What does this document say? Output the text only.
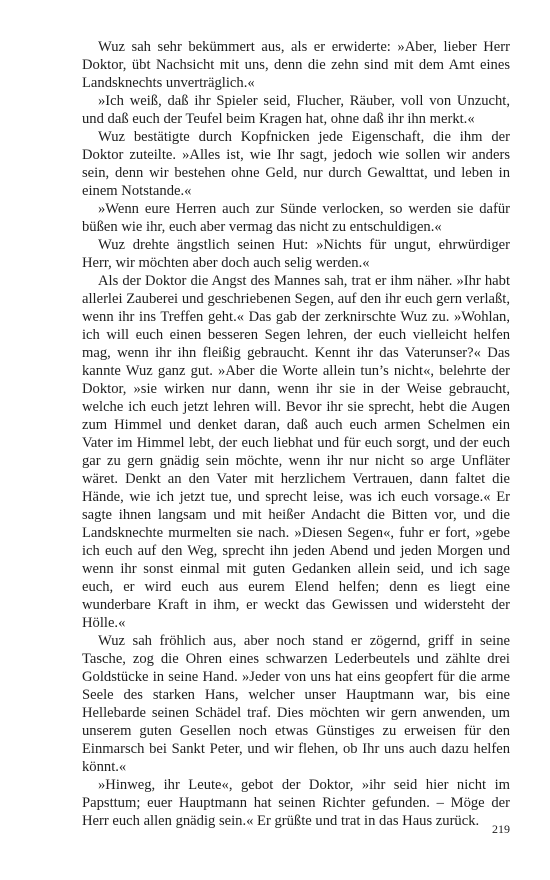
Wuz sah sehr bekümmert aus, als er erwiderte: »Aber, lieber Herr Doktor, übt Nachsicht mit uns, denn die zehn sind mit dem Amt eines Landsknechts unverträglich.«

»Ich weiß, daß ihr Spieler seid, Flucher, Räuber, voll von Unzucht, und daß euch der Teufel beim Kragen hat, ohne daß ihr ihn merkt.«

Wuz bestätigte durch Kopfnicken jede Eigenschaft, die ihm der Doktor zuteilte. »Alles ist, wie Ihr sagt, jedoch wie sollen wir anders sein, denn wir bestehen ohne Geld, nur durch Gewalttat, und leben in einem Notstande.«

»Wenn eure Herren auch zur Sünde verlocken, so werden sie dafür büßen wie ihr, euch aber vermag das nicht zu entschuldigen.«

Wuz drehte ängstlich seinen Hut: »Nichts für ungut, ehrwürdiger Herr, wir möchten aber doch auch selig werden.«

Als der Doktor die Angst des Mannes sah, trat er ihm näher. »Ihr habt allerlei Zauberei und geschriebenen Segen, auf den ihr euch gern verlaßt, wenn ihr ins Treffen geht.« Das gab der zerknirschte Wuz zu. »Wohlan, ich will euch einen besseren Segen lehren, der euch vielleicht helfen mag, wenn ihr ihn fleißig gebraucht. Kennt ihr das Vaterunser?« Das kannte Wuz ganz gut. »Aber die Worte allein tun’s nicht«, belehrte der Doktor, »sie wirken nur dann, wenn ihr sie in der Weise gebraucht, welche ich euch jetzt lehren will. Bevor ihr sie sprecht, hebt die Augen zum Himmel und denket daran, daß auch euch armen Schelmen ein Vater im Himmel lebt, der euch liebhat und für euch sorgt, und der euch gar zu gern gnädig sein möchte, wenn ihr nur nicht so arge Unfläter wäret. Denkt an den Vater mit herzlichem Vertrauen, dann faltet die Hände, wie ich jetzt tue, und sprecht leise, was ich euch vorsage.« Er sagte ihnen langsam und mit heißer Andacht die Bitten vor, und die Landsknechte murmelten sie nach. »Diesen Segen«, fuhr er fort, »gebe ich euch auf den Weg, sprecht ihn jeden Abend und jeden Morgen und wenn ihr sonst einmal mit guten Gedanken allein seid, und ich sage euch, er wird euch aus eurem Elend helfen; denn es liegt eine wunderbare Kraft in ihm, er weckt das Gewissen und widersteht der Hölle.«

Wuz sah fröhlich aus, aber noch stand er zögernd, griff in seine Tasche, zog die Ohren eines schwarzen Lederbeutels und zählte drei Goldstücke in seine Hand. »Jeder von uns hat eins geopfert für die arme Seele des starken Hans, welcher unser Hauptmann war, bis eine Hellebarde seinen Schädel traf. Dies möchten wir gern anwenden, um unserem guten Gesellen noch etwas Günstiges zu erweisen für den Einmarsch bei Sankt Peter, und wir flehen, ob Ihr uns auch dazu helfen könnt.«

»Hinweg, ihr Leute«, gebot der Doktor, »ihr seid hier nicht im Papsttum; euer Hauptmann hat seinen Richter gefunden. – Möge der Herr euch allen gnädig sein.« Er grüßte und trat in das Haus zurück.	219
